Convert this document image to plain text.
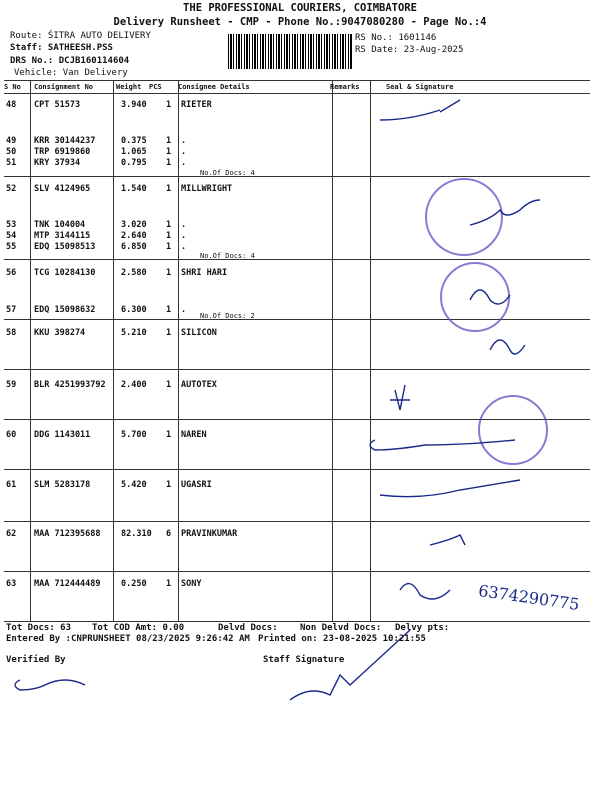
THE PROFESSIONAL COURIERS, COIMBATORE
Delivery Runsheet - CMP - Phone No.:9047080280 - Page No.:4
Route: ŚITRA AUTO DELIVERY
Staff: SATHEESH.PSS
DRS No.: DCJB160114604
Vehicle: Van Delivery
RS No.: 1601146
RS Date: 23-Aug-2025
S No Consignment No	Weight PCS Consignee Details	Remarks	Seal & Signature
48 CPT 51573	3.940 1 RIETER
49 KRR 30144237	0.375 1 .
50 TRP 6919860	1.065 1 .
51 KRY 37934	0.795 1 .
52 SLV 4124965	1.540 1 MILLWRIGHT
53 TNK 104004	3.020 1 .
54 MTP 3144115	2.640 1 .
55 EDQ 15098513	6.850 1 .
56 TCG 10284130	2.580 1 SHRI HARI
57 EDQ 15098632	6.300 1 .
58 KKU 398274	5.210 1 SILICON
59 BLR 4251993792 2.400 1 AUTOTEX
60 DDG 1143011	5.700 1 NAREN
61 SLM 5283178	5.420 1 UGASRI
62 MAA 712395688 82.310 6 PRAVINKUMAR
63 MAA 712444489 0.250 1 SONY
No.Of Docs: 4
No.Of Docs: 4
No.Of Docs: 2
6374290775
Tot Docs: 63 Tot COD Amt: 0.00	Delvd Docs: Non Delvd Docs: Delvy pts:
Entered By :CNPRUNSHEET 08/23/2025 9:26:42 AM Printed on: 23-08-2025 10:21:55
Verified By	Staff Signature
